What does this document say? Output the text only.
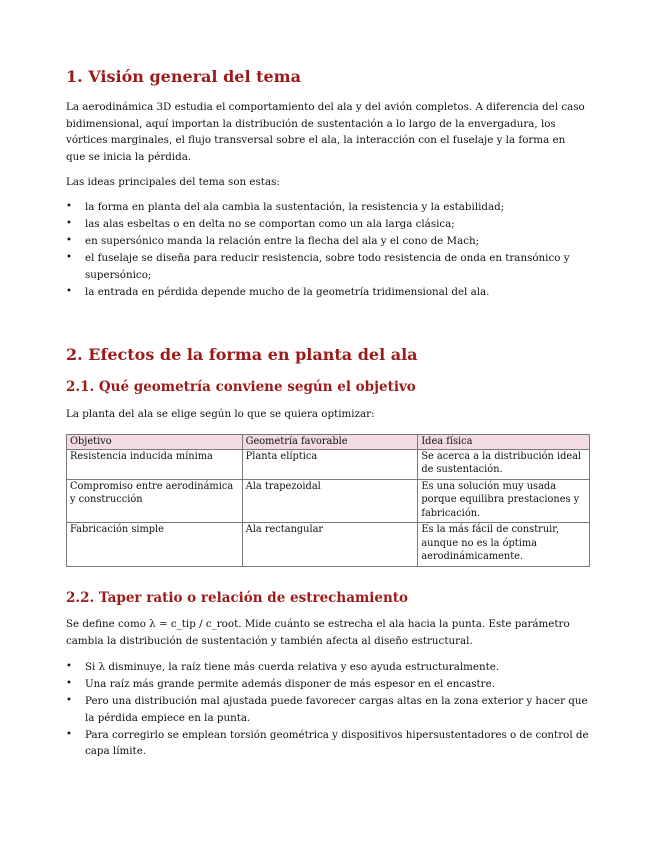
1. Visión general del tema

La aerodinámica 3D estudia el comportamiento del ala y del avión completos. A diferencia del caso bidimensional, aquí importan la distribución de sustentación a lo largo de la envergadura, los vórtices marginales, el flujo transversal sobre el ala, la interacción con el fuselaje y la forma en que se inicia la pérdida.

Las ideas principales del tema son estas:

• la forma en planta del ala cambia la sustentación, la resistencia y la estabilidad;
• las alas esbeltas o en delta no se comportan como un ala larga clásica;
• en supersónico manda la relación entre la flecha del ala y el cono de Mach;
• el fuselaje se diseña para reducir resistencia, sobre todo resistencia de onda en transónico y supersónico;
• la entrada en pérdida depende mucho de la geometría tridimensional del ala.
2. Efectos de la forma en planta del ala
2.1. Qué geometría conviene según el objetivo

La planta del ala se elige según lo que se quiera optimizar:

Objetivo	Geometría favorable	Idea física
Resistencia inducida mínima	Planta elíptica	Se acerca a la distribución ideal de sustentación.
Compromiso entre aerodinámica y construcción	Ala trapezoidal	Es una solución muy usada porque equilibra prestaciones y fabricación.
Fabricación simple	Ala rectangular	Es la más fácil de construir, aunque no es la óptima aerodinámicamente.
2.2. Taper ratio o relación de estrechamiento

Se define como λ = c_tip / c_root. Mide cuánto se estrecha el ala hacia la punta. Este parámetro cambia la distribución de sustentación y también afecta al diseño estructural.

• Si λ disminuye, la raíz tiene más cuerda relativa y eso ayuda estructuralmente.
• Una raíz más grande permite además disponer de más espesor en el encastre.
• Pero una distribución mal ajustada puede favorecer cargas altas en la zona exterior y hacer que la pérdida empiece en la punta.
• Para corregirlo se emplean torsión geométrica y dispositivos hipersustentadores o de control de capa límite.
